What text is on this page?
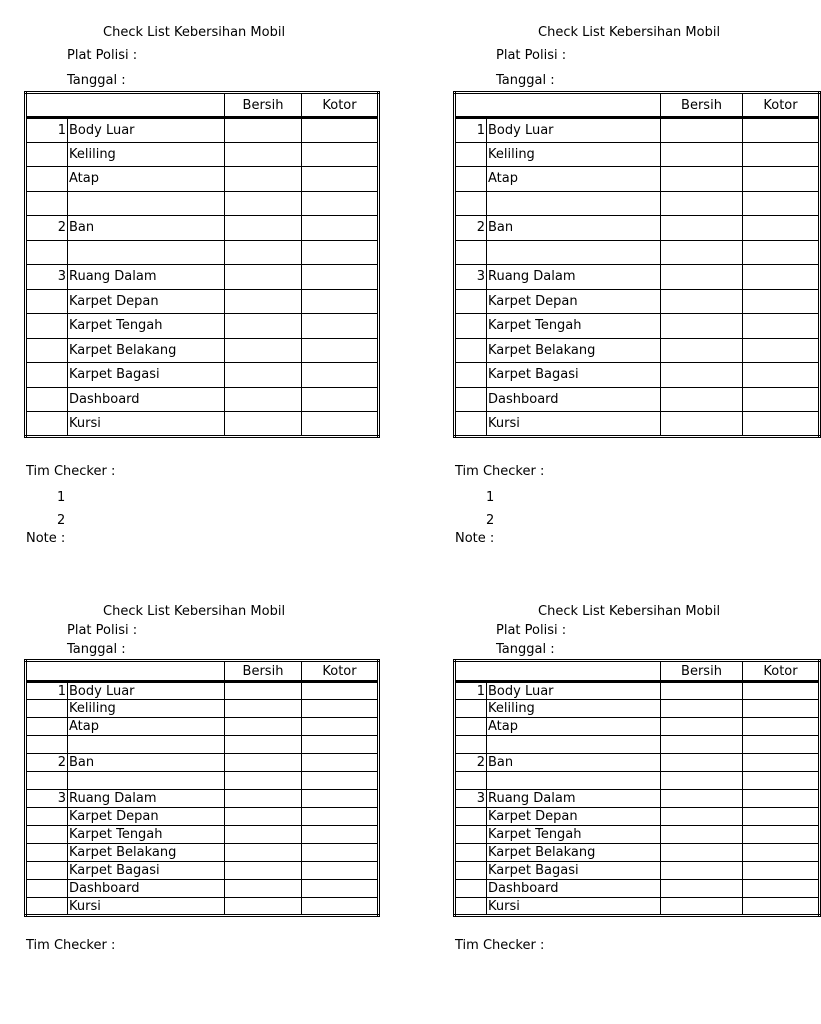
Check List Kebersihan Mobil
Plat Polisi :
Tanggal :
		Bersih	Kotor
1	Body Luar		
	Keliling		
	Atap		

2	Ban		

3	Ruang Dalam		
	Karpet Depan		
	Karpet Tengah		
	Karpet Belakang		
	Karpet Bagasi		
	Dashboard		
	Kursi		
Tim Checker :
1
2
Note :
Check List Kebersihan Mobil
Plat Polisi :
Tanggal :
		Bersih	Kotor
1	Body Luar		
	Keliling		
	Atap		

2	Ban		

3	Ruang Dalam		
	Karpet Depan		
	Karpet Tengah		
	Karpet Belakang		
	Karpet Bagasi		
	Dashboard		
	Kursi		
Tim Checker :
1
2
Note :
Check List Kebersihan Mobil
Plat Polisi :
Tanggal :
		Bersih	Kotor
1	Body Luar		
	Keliling		
	Atap		

2	Ban		

3	Ruang Dalam		
	Karpet Depan		
	Karpet Tengah		
	Karpet Belakang		
	Karpet Bagasi		
	Dashboard		
	Kursi		
Tim Checker :
Check List Kebersihan Mobil
Plat Polisi :
Tanggal :
		Bersih	Kotor
1	Body Luar		
	Keliling		
	Atap		

2	Ban		

3	Ruang Dalam		
	Karpet Depan		
	Karpet Tengah		
	Karpet Belakang		
	Karpet Bagasi		
	Dashboard		
	Kursi		
Tim Checker :
